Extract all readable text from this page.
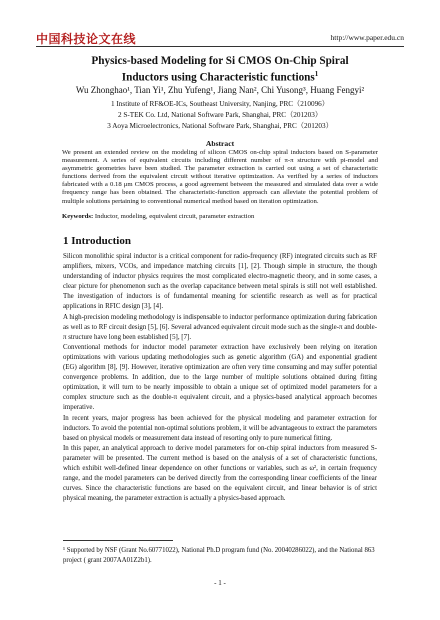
中国科技论文在线	http://www.paper.edu.cn
Physics-based Modeling for Si CMOS On-Chip Spiral
Inductors using Characteristic functions$^1$
Wu Zhonghao¹, Tian Yi¹, Zhu Yufeng¹, Jiang Nan², Chi Yusong³, Huang Fengyi²
1 Institute of RF&OE-ICs, Southeast University, Nanjing, PRC（210096）
2 S-TEK Co. Ltd, National Software Park, Shanghai, PRC（201203）
3 Aoya Microelectronics, National Software Park, Shanghai, PRC（201203）
Abstract
We present an extended review on the modeling of silicon CMOS on-chip spiral inductors based on S-parameter measurement. A series of equivalent circuits including different number of π-π structure with pi-model and asymmetric geometries have been studied. The parameter extraction is carried out using a set of characteristic functions derived from the equivalent circuit without iterative optimization. As verified by a series of inductors fabricated with a 0.18 μm CMOS process, a good agreement between the measured and simulated data over a wide frequency range has been obtained. The characteristic-function approach can alleviate the potential problem of multiple solutions pertaining to conventional numerical method based on iteration optimization.
Keywords: Inductor, modeling, equivalent circuit, parameter extraction
1 Introduction

Silicon monolithic spiral inductor is a critical component for radio-frequency (RF) integrated circuits such as RF amplifiers, mixers, VCOs, and impedance matching circuits [1], [2]. Though simple in structure, the though understanding of inductor physics requires the most complicated electro-magnetic theory, and in some cases, a clear picture for phenomenon such as the overlap capacitance between metal spirals is still not well established. The investigation of inductors is of fundamental meaning for scientific research as well as for practical applications in RFIC design [3], [4].

A high-precision modeling methodology is indispensable to inductor performance optimization during fabrication as well as to RF circuit design [5], [6]. Several advanced equivalent circuit mode such as the single-π and double-π structure have long been established [5], [7].

Conventional methods for inductor model parameter extraction have exclusively been relying on iteration optimizations with various updating methodologies such as genetic algorithm (GA) and exponential gradient (EG) algorithm [8], [9]. However, iterative optimization are often very time consuming and may suffer potential convergence problems. In addition, due to the large number of multiple solutions obtained during fitting optimization, it will turn to be nearly impossible to obtain a unique set of optimized model parameters for a complex structure such as the double-π equivalent circuit, and a physics-based analytical approach becomes imperative.

In recent years, major progress has been achieved for the physical modeling and parameter extraction for inductors. To avoid the potential non-optimal solutions problem, it will be advantageous to extract the parameters based on physical models or measurement data instead of resorting only to pure numerical fitting.

In this paper, an analytical approach to derive model parameters for on-chip spiral inductors from measured S-parameter will be presented. The current method is based on the analysis of a set of characteristic functions, which exhibit well-defined linear dependence on other functions or variables, such as ω², in certain frequency range, and the model parameters can be derived directly from the corresponding linear coefficients of the linear curves. Since the characteristic functions are based on the equivalent circuit, and linear behavior is of strict physical meaning, the parameter extraction is actually a physics-based approach.

¹ Supported by NSF (Grant No.60771022), National Ph.D program fund (No. 20040286022), and the National 863 project ( grant 2007AA01Z2b1).
- 1 -
